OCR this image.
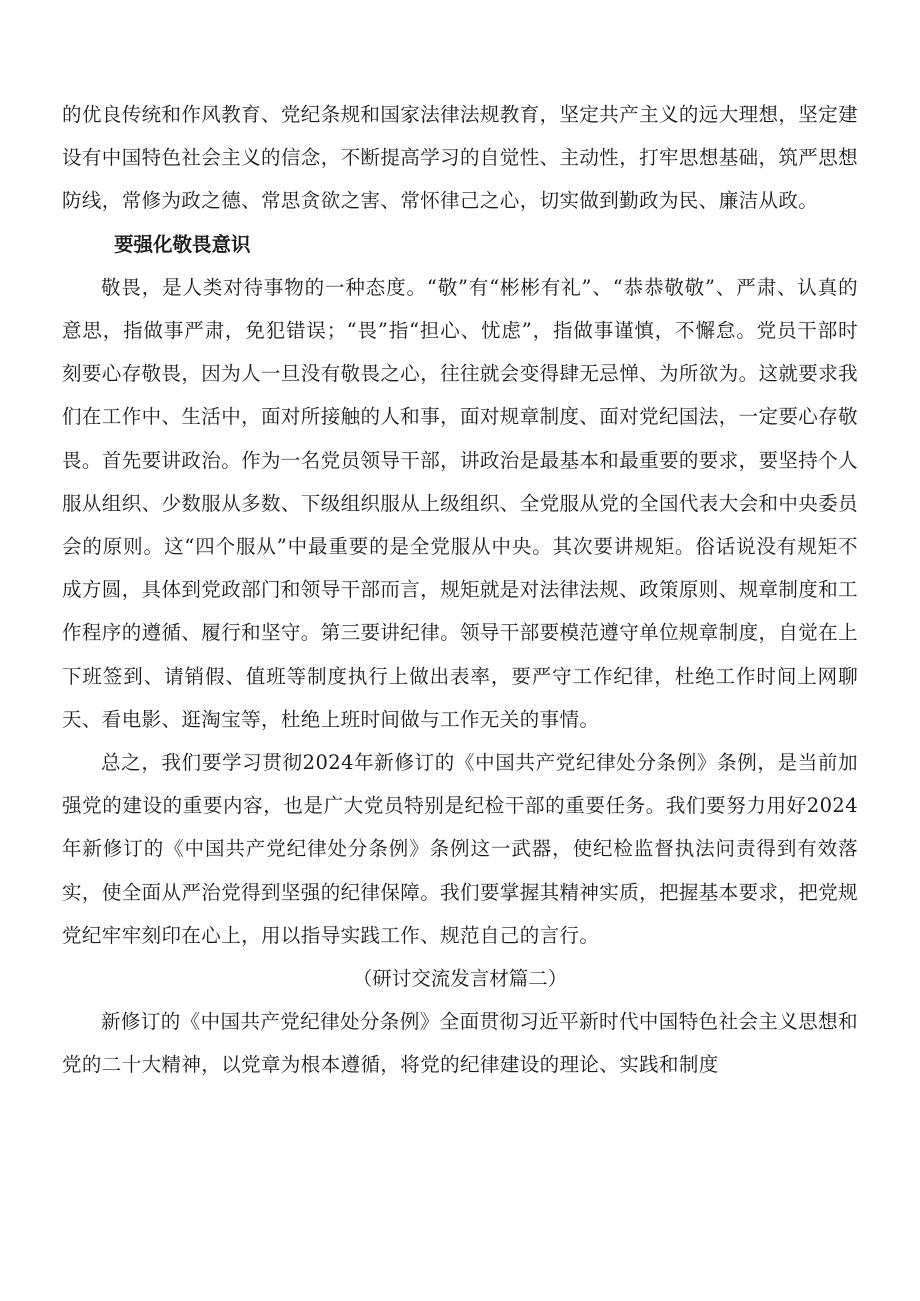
的优良传统和作风教育、党纪条规和国家法律法规教育，坚定共产主义的远大理想，坚定建设有中国特色社会主义的信念，不断提高学习的自觉性、主动性，打牢思想基础，筑严思想防线，常修为政之德、常思贪欲之害、常怀律己之心，切实做到勤政为民、廉洁从政。

要强化敬畏意识

敬畏，是人类对待事物的一种态度。“敬”有“彬彬有礼”、“恭恭敬敬”、严肃、认真的意思，指做事严肃，免犯错误；“畏”指“担心、忧虑”，指做事谨慎，不懈怠。党员干部时刻要心存敬畏，因为人一旦没有敬畏之心，往往就会变得肆无忌惮、为所欲为。这就要求我们在工作中、生活中，面对所接触的人和事，面对规章制度、面对党纪国法，一定要心存敬畏。首先要讲政治。作为一名党员领导干部，讲政治是最基本和最重要的要求，要坚持个人服从组织、少数服从多数、下级组织服从上级组织、全党服从党的全国代表大会和中央委员会的原则。这“四个服从”中最重要的是全党服从中央。其次要讲规矩。俗话说没有规矩不成方圆，具体到党政部门和领导干部而言，规矩就是对法律法规、政策原则、规章制度和工作程序的遵循、履行和坚守。第三要讲纪律。领导干部要模范遵守单位规章制度，自觉在上下班签到、请销假、值班等制度执行上做出表率，要严守工作纪律，杜绝工作时间上网聊天、看电影、逛淘宝等，杜绝上班时间做与工作无关的事情。

总之，我们要学习贯彻2024年新修订的《中国共产党纪律处分条例》条例，是当前加强党的建设的重要内容，也是广大党员特别是纪检干部的重要任务。我们要努力用好2024年新修订的《中国共产党纪律处分条例》条例这一武器，使纪检监督执法问责得到有效落实，使全面从严治党得到坚强的纪律保障。我们要掌握其精神实质，把握基本要求，把党规党纪牢牢刻印在心上，用以指导实践工作、规范自己的言行。

（研讨交流发言材篇二）

新修订的《中国共产党纪律处分条例》全面贯彻习近平新时代中国特色社会主义思想和党的二十大精神，以党章为根本遵循，将党的纪律建设的理论、实践和制度
